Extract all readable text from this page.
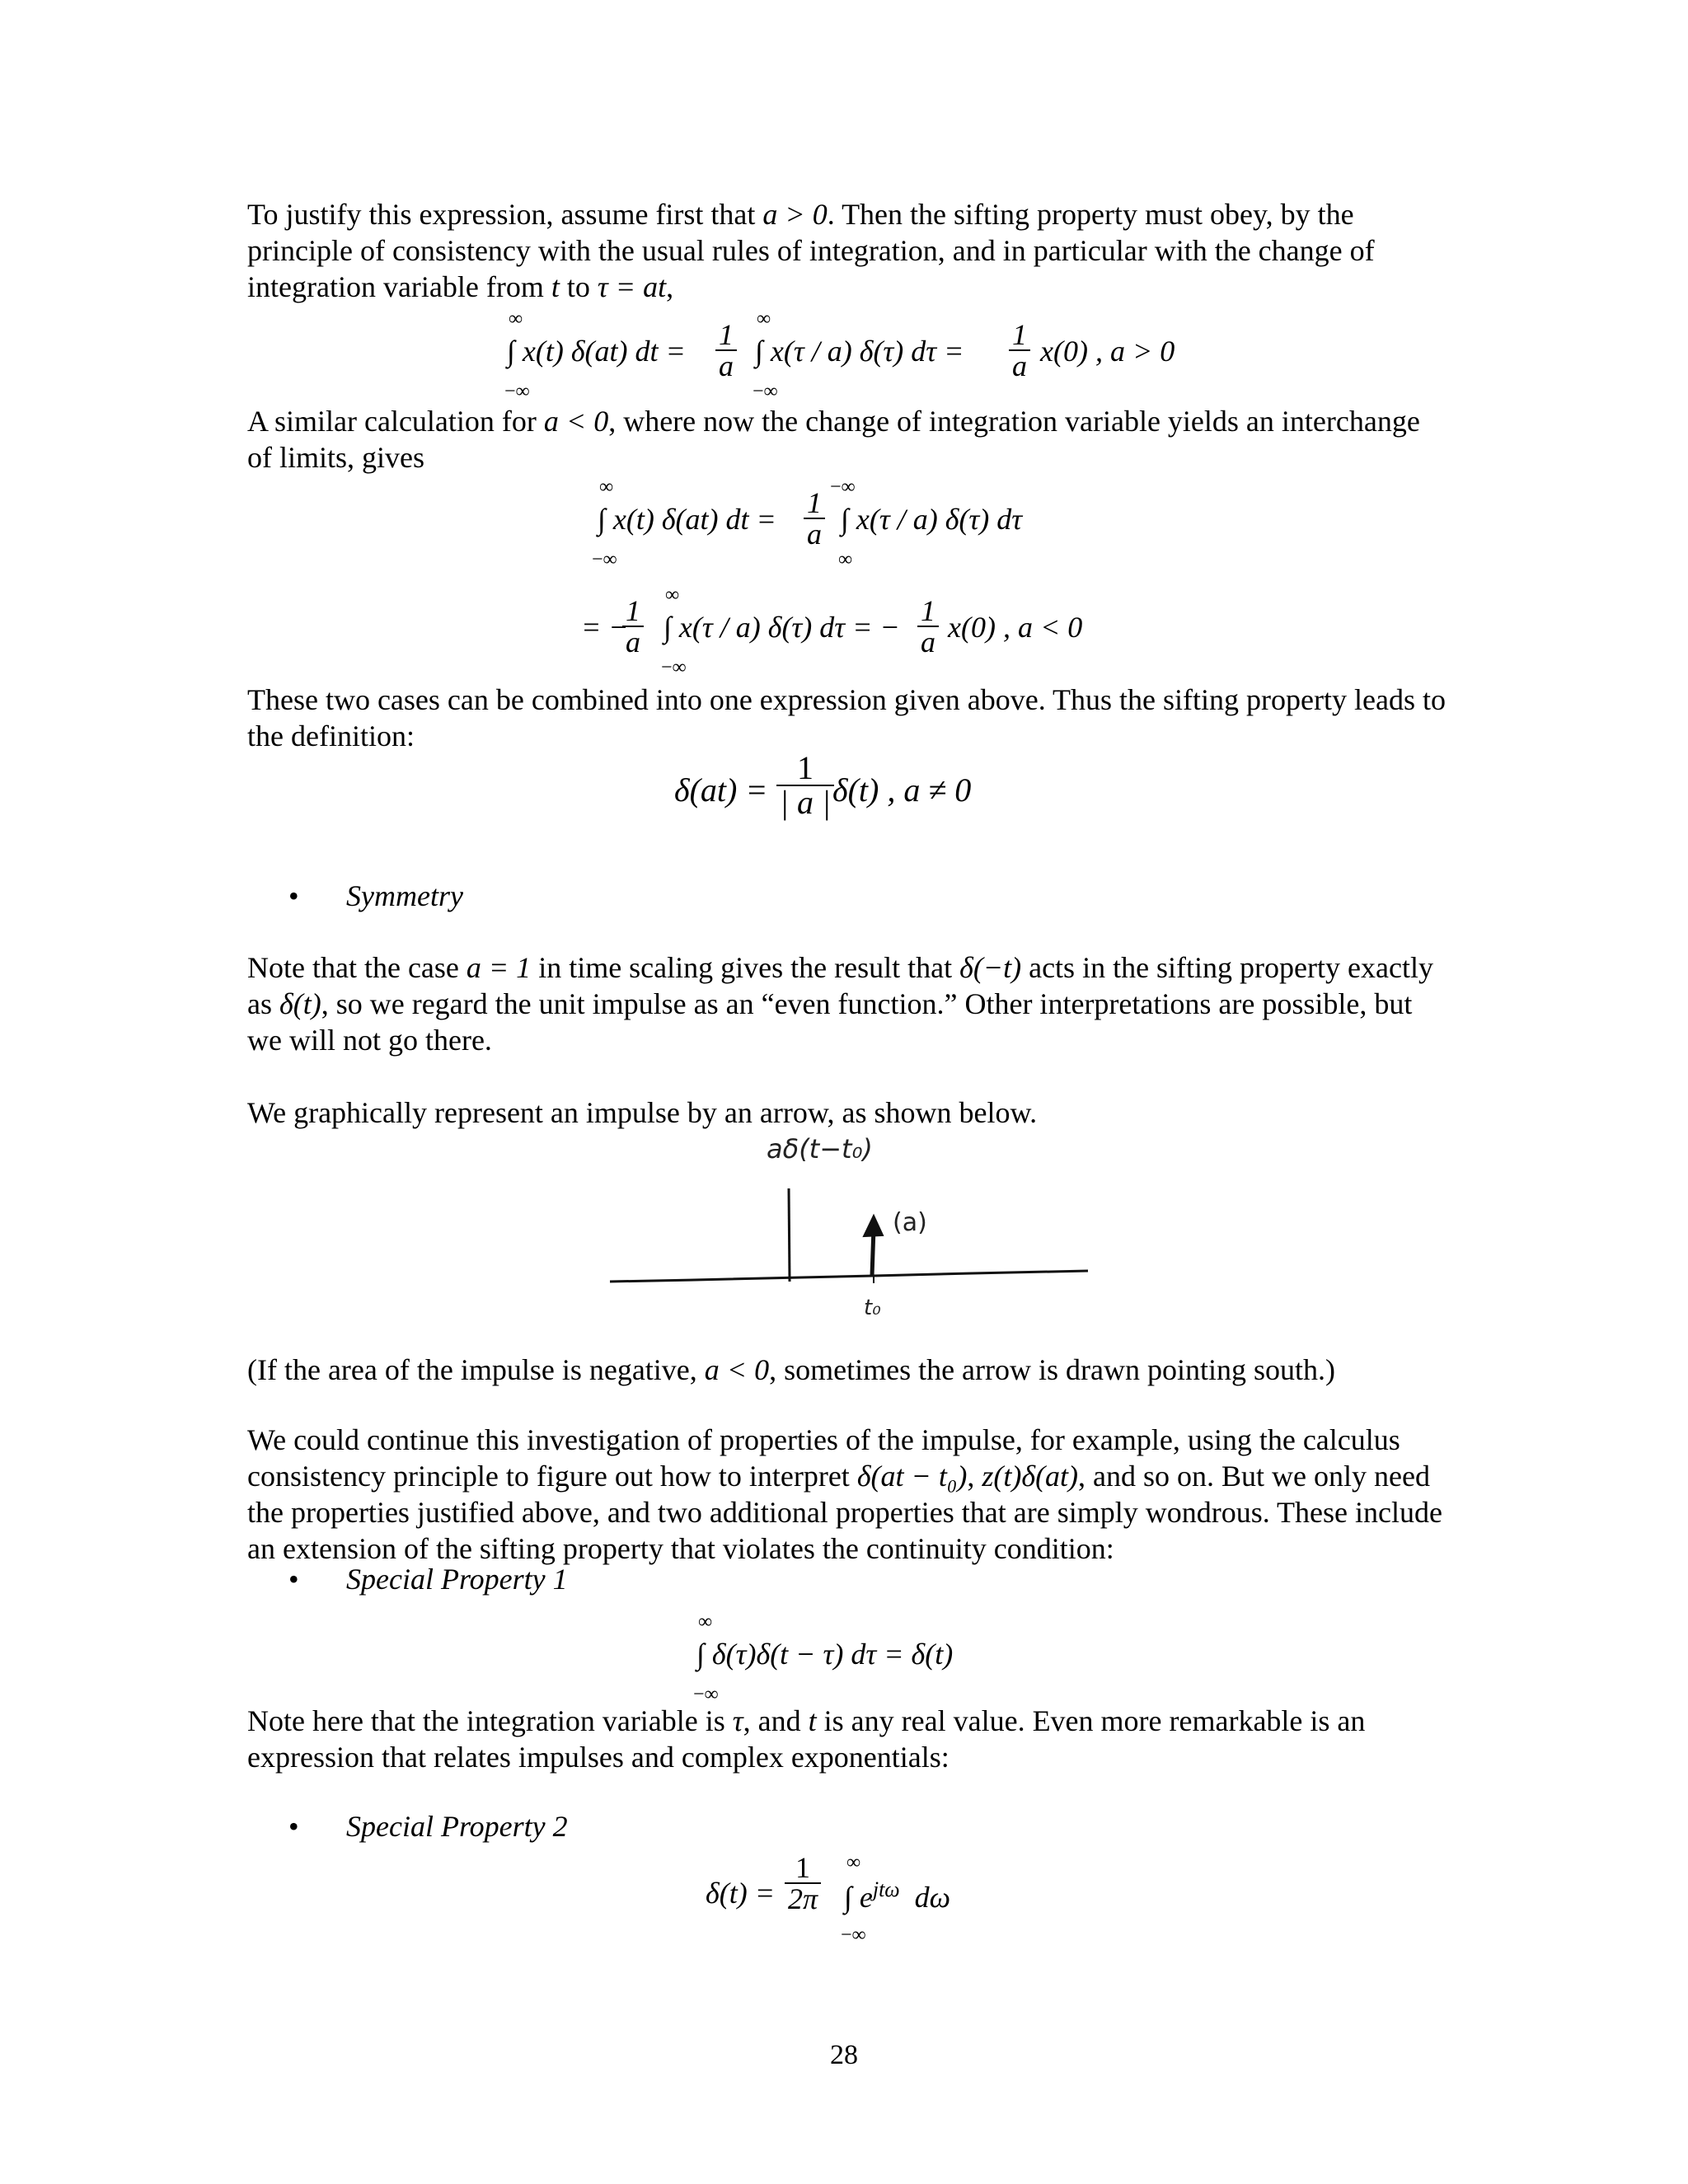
To justify this expression, assume first that a > 0. Then the sifting property must obey, by the principle of consistency with the usual rules of integration, and in particular with the change of integration variable from t to τ = at,

∞
−∞
∫ x(t) δ(at) dt = $\frac{1}{a}$
∞
−∞
∫ x(τ / a) δ(τ) $d\tau = \frac{1}{a} x(0)$ , a > 0

A similar calculation for a < 0, where now the change of integration variable yields an interchange of limits, gives

∞
−∞
∫ x(t) δ(at) dt = $\frac{1}{a}$
−∞
∞
∫ x(τ / a) δ(τ) dτ
= −
$\frac{1}{a}$
∞
−∞
∫ x(τ / a) δ(τ) dτ = − $\frac{1}{a} x(0)$ , a < 0

These two cases can be combined into one expression given above. Thus the sifting property leads to the definition:

$\delta(at) = \frac{1}{| a |}$
δ(t) , a ≠ 0
• Symmetry

Note that the case a = 1 in time scaling gives the result that δ(−t) acts in the sifting property exactly as δ(t), so we regard the unit impulse as an “even function.” Other interpretations are possible, but we will not go there.

We graphically represent an impulse by an arrow, as shown below.

aδ(t−t₀)
(a)
t₀

(If the area of the impulse is negative, a < 0, sometimes the arrow is drawn pointing south.)

We could continue this investigation of properties of the impulse, for example, using the calculus consistency principle to figure out how to interpret δ(at − t₀), z(t)δ(at), and so on. But we only need the properties justified above, and two additional properties that are simply wondrous. These include an extension of the sifting property that violates the continuity condition:

• Special Property 1
∞
−∞
∫ δ(τ)δ(t − τ) dτ = δ(t)

Note here that the integration variable is τ, and t is any real value. Even more remarkable is an expression that relates impulses and complex exponentials:

• Special Property 2
$\delta(t) = \frac{1}{2\pi}$ ∞
−∞
∫ $e^{jt\omega}$ dω
28
